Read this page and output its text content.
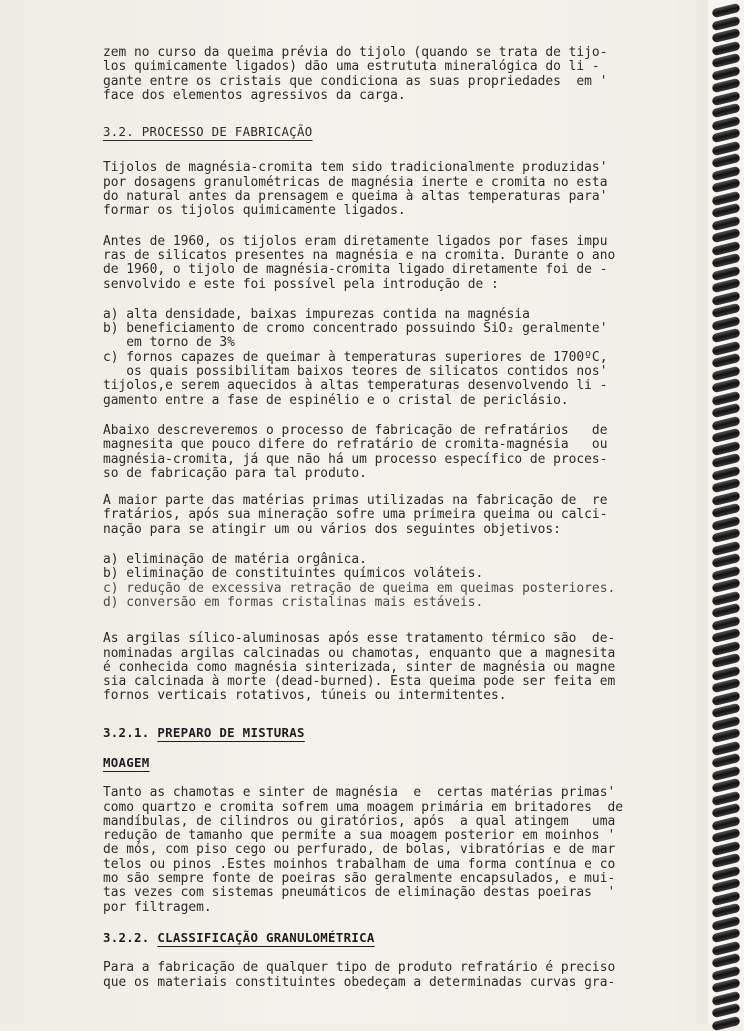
zem no curso da queima prévia do tijolo (quando se trata de tijo-
los quimicamente ligados) dão uma estrututa mineralógica do li -
gante entre os cristais que condiciona as suas propriedades  em '
face dos elementos agressivos da carga.
3.2. PROCESSO DE FABRICAÇÃO
Tijolos de magnésia-cromita tem sido tradicionalmente produzidas'
por dosagens granulométricas de magnésia inerte e cromita no esta
do natural antes da prensagem e queima à altas temperaturas para'
formar os tijolos quimicamente ligados.
Antes de 1960, os tijolos eram diretamente ligados por fases impu
ras de silicatos presentes na magnésia e na cromita. Durante o ano
de 1960, o tijolo de magnésia-cromita ligado diretamente foi de -
senvolvido e este foi possível pela introdução de :
a) alta densidade, baixas impurezas contida na magnésia
b) beneficiamento de cromo concentrado possuindo SiO₂ geralmente'
em torno de 3%
c) fornos capazes de queimar à temperaturas superiores de 1700ºC,
os quais possibilitam baixos teores de silicatos contidos nos'
tijolos,e serem aquecidos à altas temperaturas desenvolvendo li -
gamento entre a fase de espinélio e o cristal de periclásio.
Abaixo descreveremos o processo de fabricação de refratários   de
magnesita que pouco difere do refratário de cromita-magnésia   ou
magnésia-cromita, já que não há um processo específico de proces-
so de fabricação para tal produto.
A maior parte das matérias primas utilizadas na fabricação de  re
fratários, após sua mineração sofre uma primeira queima ou calci-
nação para se atingir um ou vários dos seguintes objetivos:
a) eliminação de matéria orgânica.
b) eliminação de constituintes químicos voláteis.
c) redução de excessiva retração de queima em queimas posteriores.
d) conversão em formas cristalinas mais estáveis.
As argilas sílico-aluminosas após esse tratamento térmico são  de-
nominadas argilas calcinadas ou chamotas, enquanto que a magnesita
é conhecida como magnésia sinterizada, sinter de magnésia ou magne
sia calcinada à morte (dead-burned). Esta queima pode ser feita em
fornos verticais rotativos, túneis ou intermitentes.
3.2.1. PREPARO DE MISTURAS
MOAGEM
Tanto as chamotas e sinter de magnésia  e  certas matérias primas'
como quartzo e cromita sofrem uma moagem primária em britadores  de
mandíbulas, de cilindros ou giratórios, após  a qual atingem   uma
redução de tamanho que permite a sua moagem posterior em moinhos '
de mós, com piso cego ou perfurado, de bolas, vibratórias e de mar
telos ou pinos .Estes moinhos trabalham de uma forma contínua e co
mo são sempre fonte de poeiras são geralmente encapsulados, e mui-
tas vezes com sistemas pneumáticos de eliminação destas poeiras  '
por filtragem.
3.2.2. CLASSIFICAÇÃO GRANULOMÉTRICA
Para a fabricação de qualquer tipo de produto refratário é preciso
que os materiais constituintes obedeçam a determinadas curvas gra-
